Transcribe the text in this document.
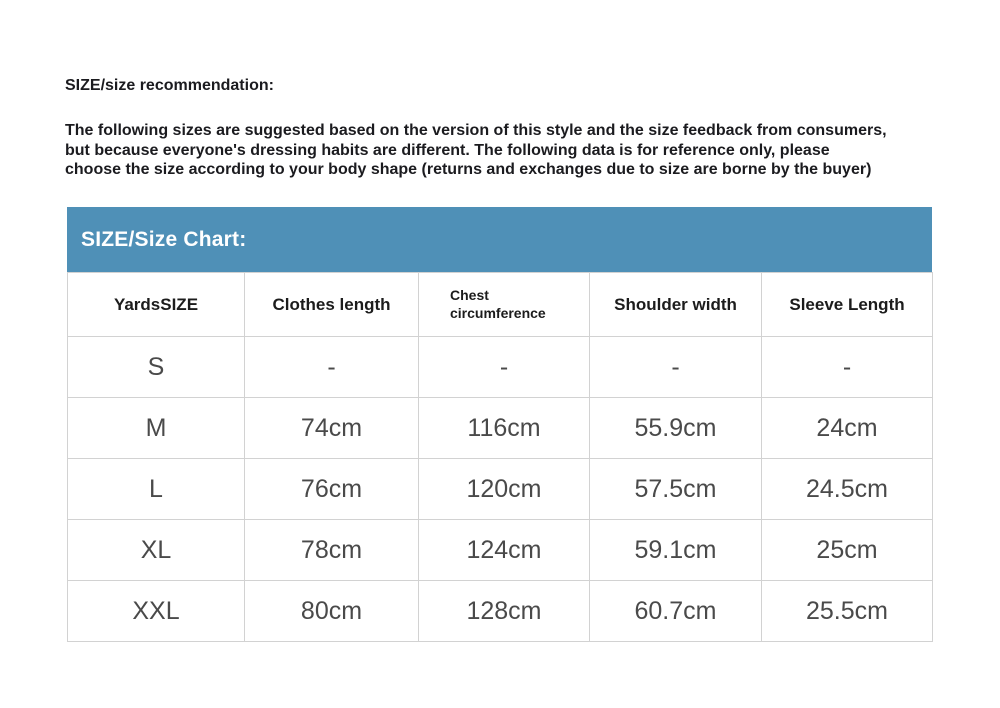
SIZE/size recommendation:
The following sizes are suggested based on the version of this style and the size feedback from consumers,
but because everyone's dressing habits are different. The following data is for reference only, please
choose the size according to your body shape (returns and exchanges due to size are borne by the buyer)
SIZE/Size Chart:
YardsSIZE	Clothes length	Chest circumference	Shoulder width	Sleeve Length
S	-	-	-	-
M	74cm	116cm	55.9cm	24cm
L	76cm	120cm	57.5cm	24.5cm
XL	78cm	124cm	59.1cm	25cm
XXL	80cm	128cm	60.7cm	25.5cm
